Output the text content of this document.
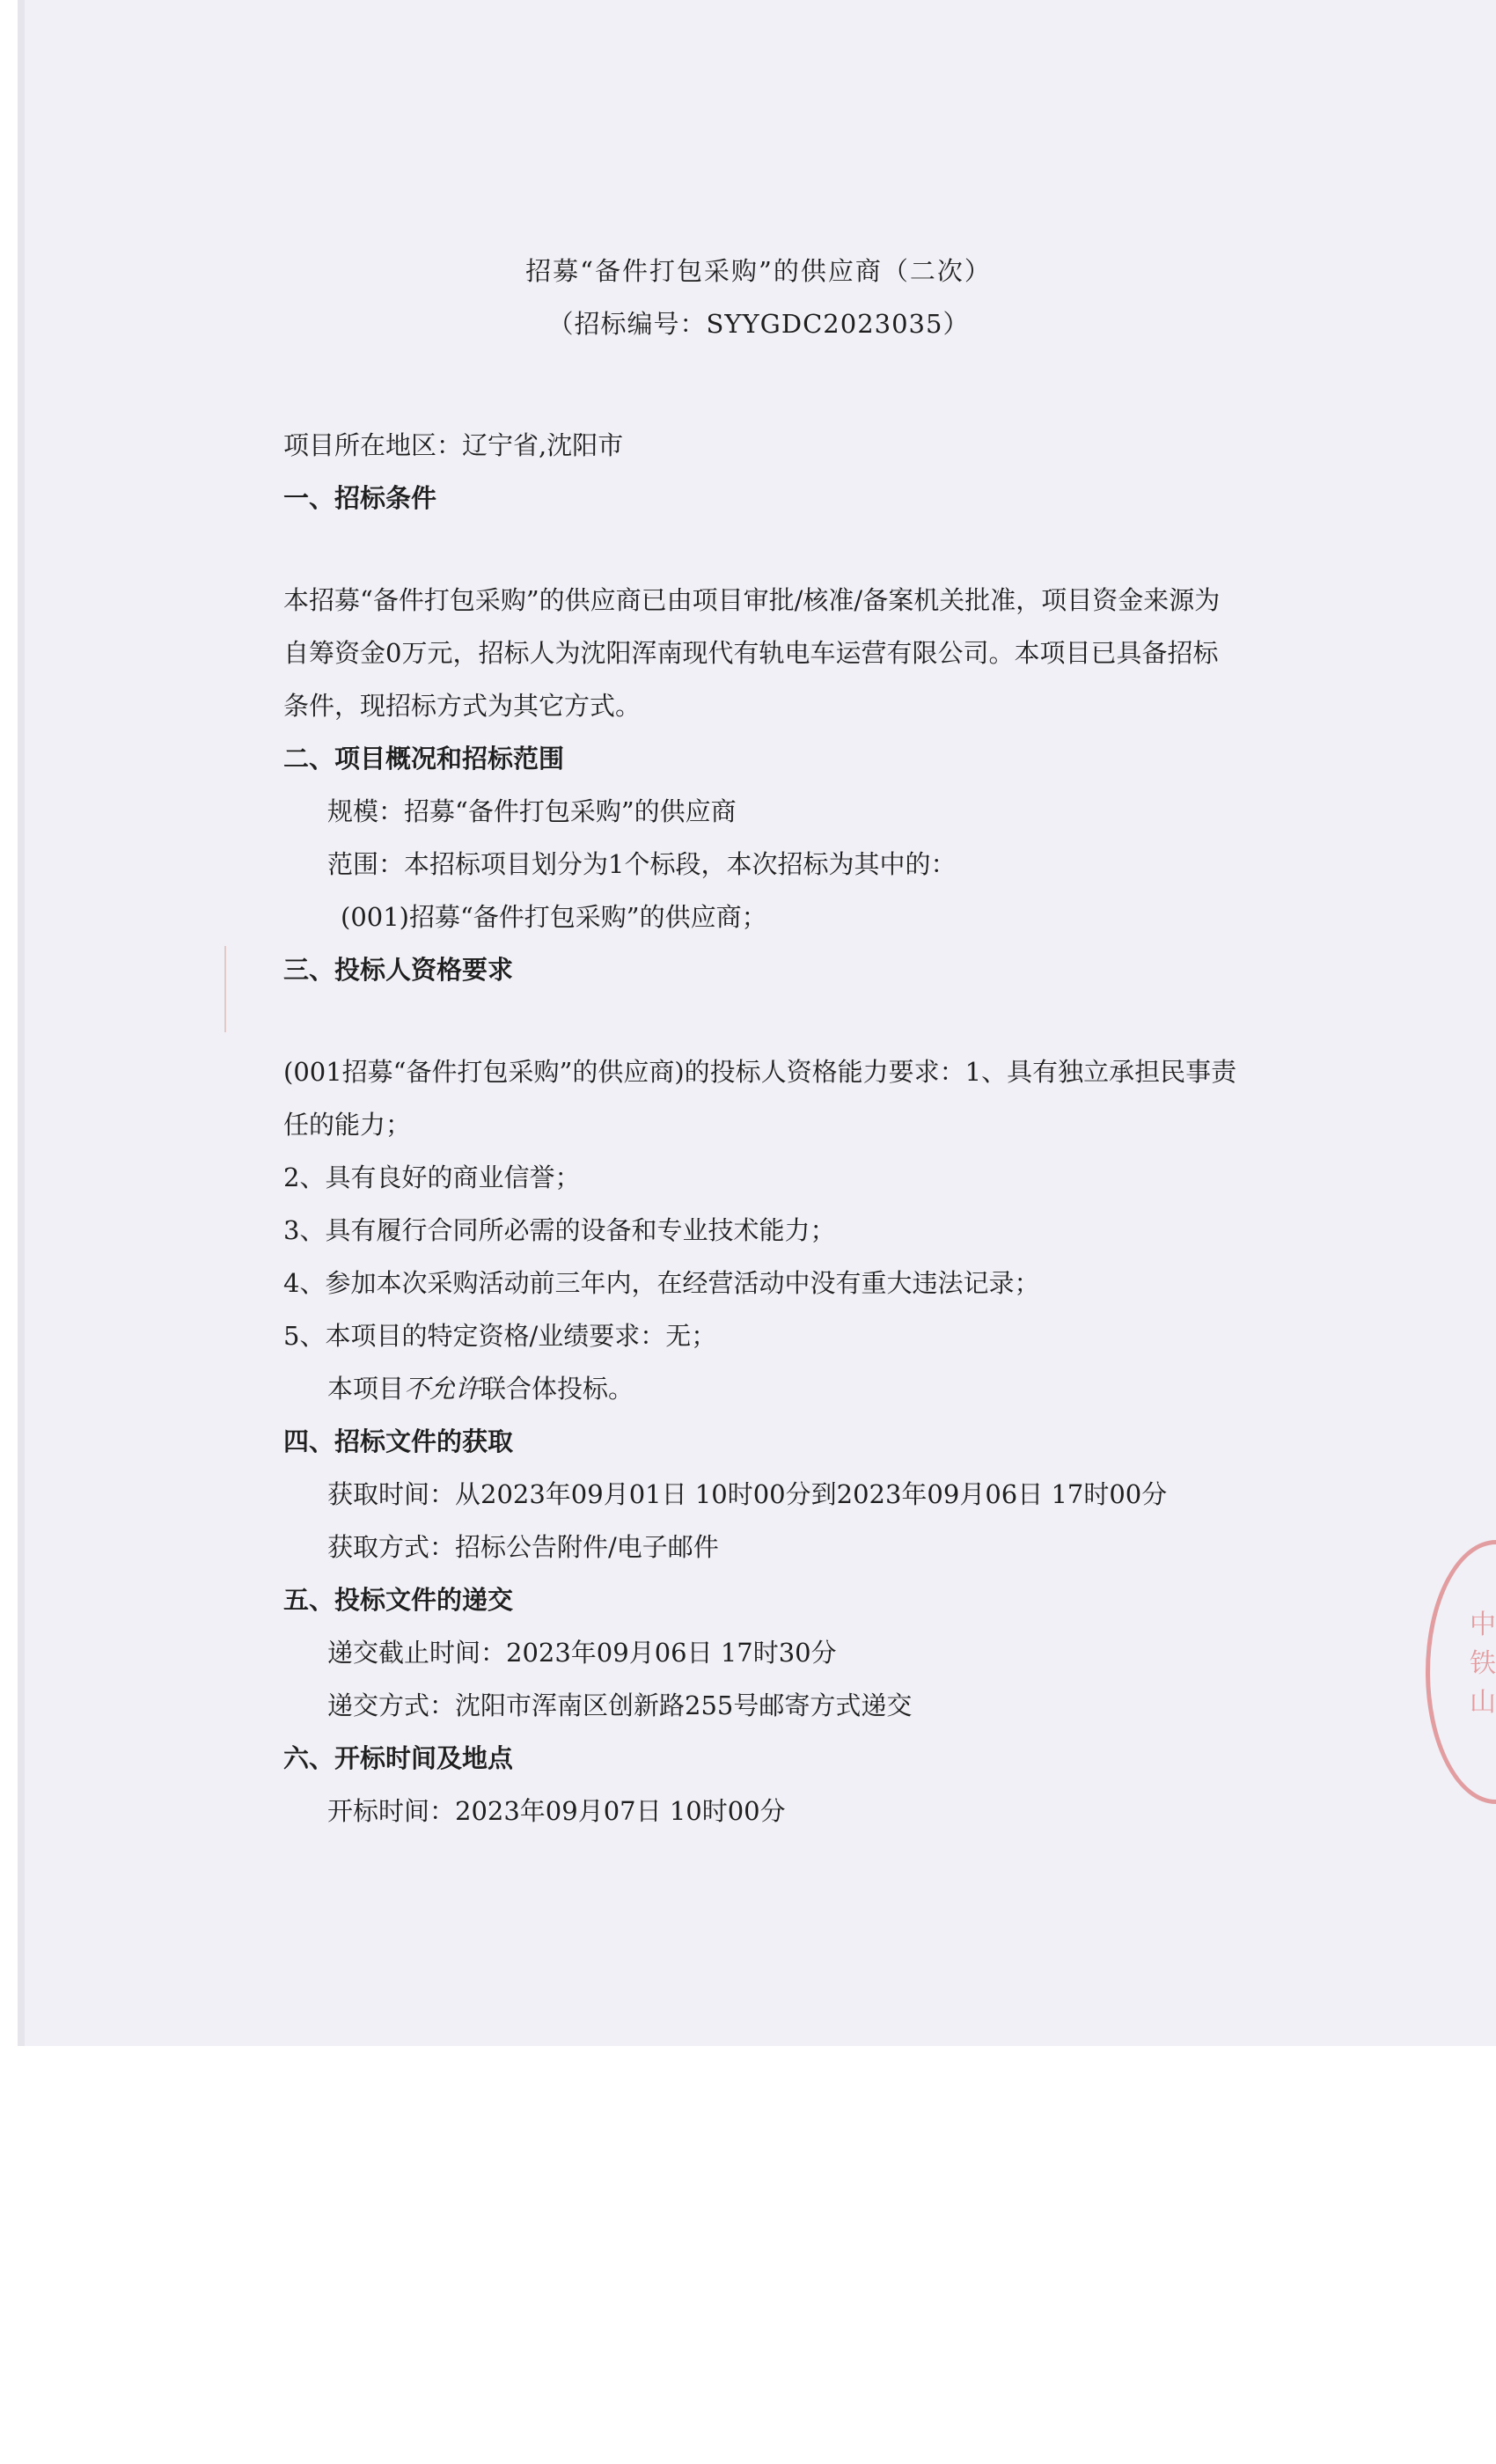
中铁山
招募“备件打包采购”的供应商（二次）
（招标编号：SYYGDC2023035）
项目所在地区：辽宁省,沈阳市
一、招标条件
本招募“备件打包采购”的供应商已由项目审批/核准/备案机关批准，项目资金来源为自筹资金0万元，招标人为沈阳浑南现代有轨电车运营有限公司。本项目已具备招标条件，现招标方式为其它方式。
二、项目概况和招标范围
规模：招募“备件打包采购”的供应商
范围：本招标项目划分为1个标段，本次招标为其中的：
(001)招募“备件打包采购”的供应商；
三、投标人资格要求
(001招募“备件打包采购”的供应商)的投标人资格能力要求：1、具有独立承担民事责任的能力；
2、具有良好的商业信誉；
3、具有履行合同所必需的设备和专业技术能力；
4、参加本次采购活动前三年内，在经营活动中没有重大违法记录；
5、本项目的特定资格/业绩要求：无；
本项目不允许联合体投标。
四、招标文件的获取
获取时间：从2023年09月01日 10时00分到2023年09月06日 17时00分
获取方式：招标公告附件/电子邮件
五、投标文件的递交
递交截止时间：2023年09月06日 17时30分
递交方式：沈阳市浑南区创新路255号邮寄方式递交
六、开标时间及地点
开标时间：2023年09月07日 10时00分
